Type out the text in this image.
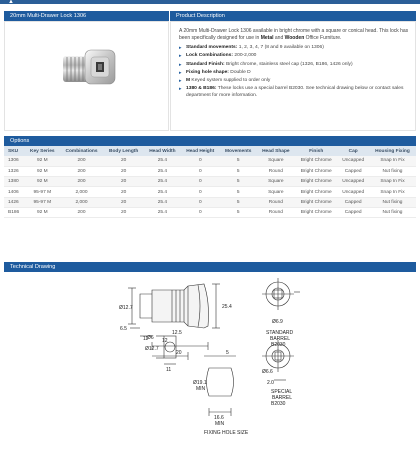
▲
20mm Multi-Drawer Lock 1306	Product Description
A 20mm Multi-Drawer Lock 1306 available in bright chrome with a square or conical head. This lock has been specifically designed for use in Metal and Wooden Office Furniture.
▸ Standard movements: 1, 2, 3, 4, 7 (8 and 9 available on 1306)
▸ Lock Combinations: 200-2,000
▸ Standard Finish: Bright chrome, stainless steel cap (1326, B186, 1426 only)
▸ Fixing hole shape: Double D
▸ M Keyed system supplied to order only
▸ 1380 & B186: These locks use a special barrel B2030. See technical drawing below or contact sales department for more information.
Options
SKU	Key Series	Combinations	Body Length	Head Width	Head Height	Movements	Head Shape	Finish	Cap	Housing Fixing
1306	92 M	200	20	25.4	0	5	Square	Bright Chrome	Uncapped	Snap In Fix
1326	92 M	200	20	25.4	0	5	Round	Bright Chrome	Capped	Nut fixing
1380	92 M	200	20	25.4	0	5	Square	Bright Chrome	Uncapped	Snap In Fix
1406	95-97 M	2,000	20	25.4	0	5	Square	Bright Chrome	Uncapped	Snap In Fix
1426	95-97 M	2,000	20	25.4	0	5	Round	Bright Chrome	Capped	Nut fixing
B186	92 M	200	20	25.4	0	5	Round	Bright Chrome	Capped	Nut fixing
Technical Drawing
Ø12.7
6.5
11	12
20	5
25.4
Ø6.9
STANDARD
BARREL
B2030
12.5
Ø6
Ø12.7
11
Ø19.1
MIN
16.6
MIN
FIXING HOLE SIZE
Ø6.6
2.0
SPECIAL
BARREL
B2030
